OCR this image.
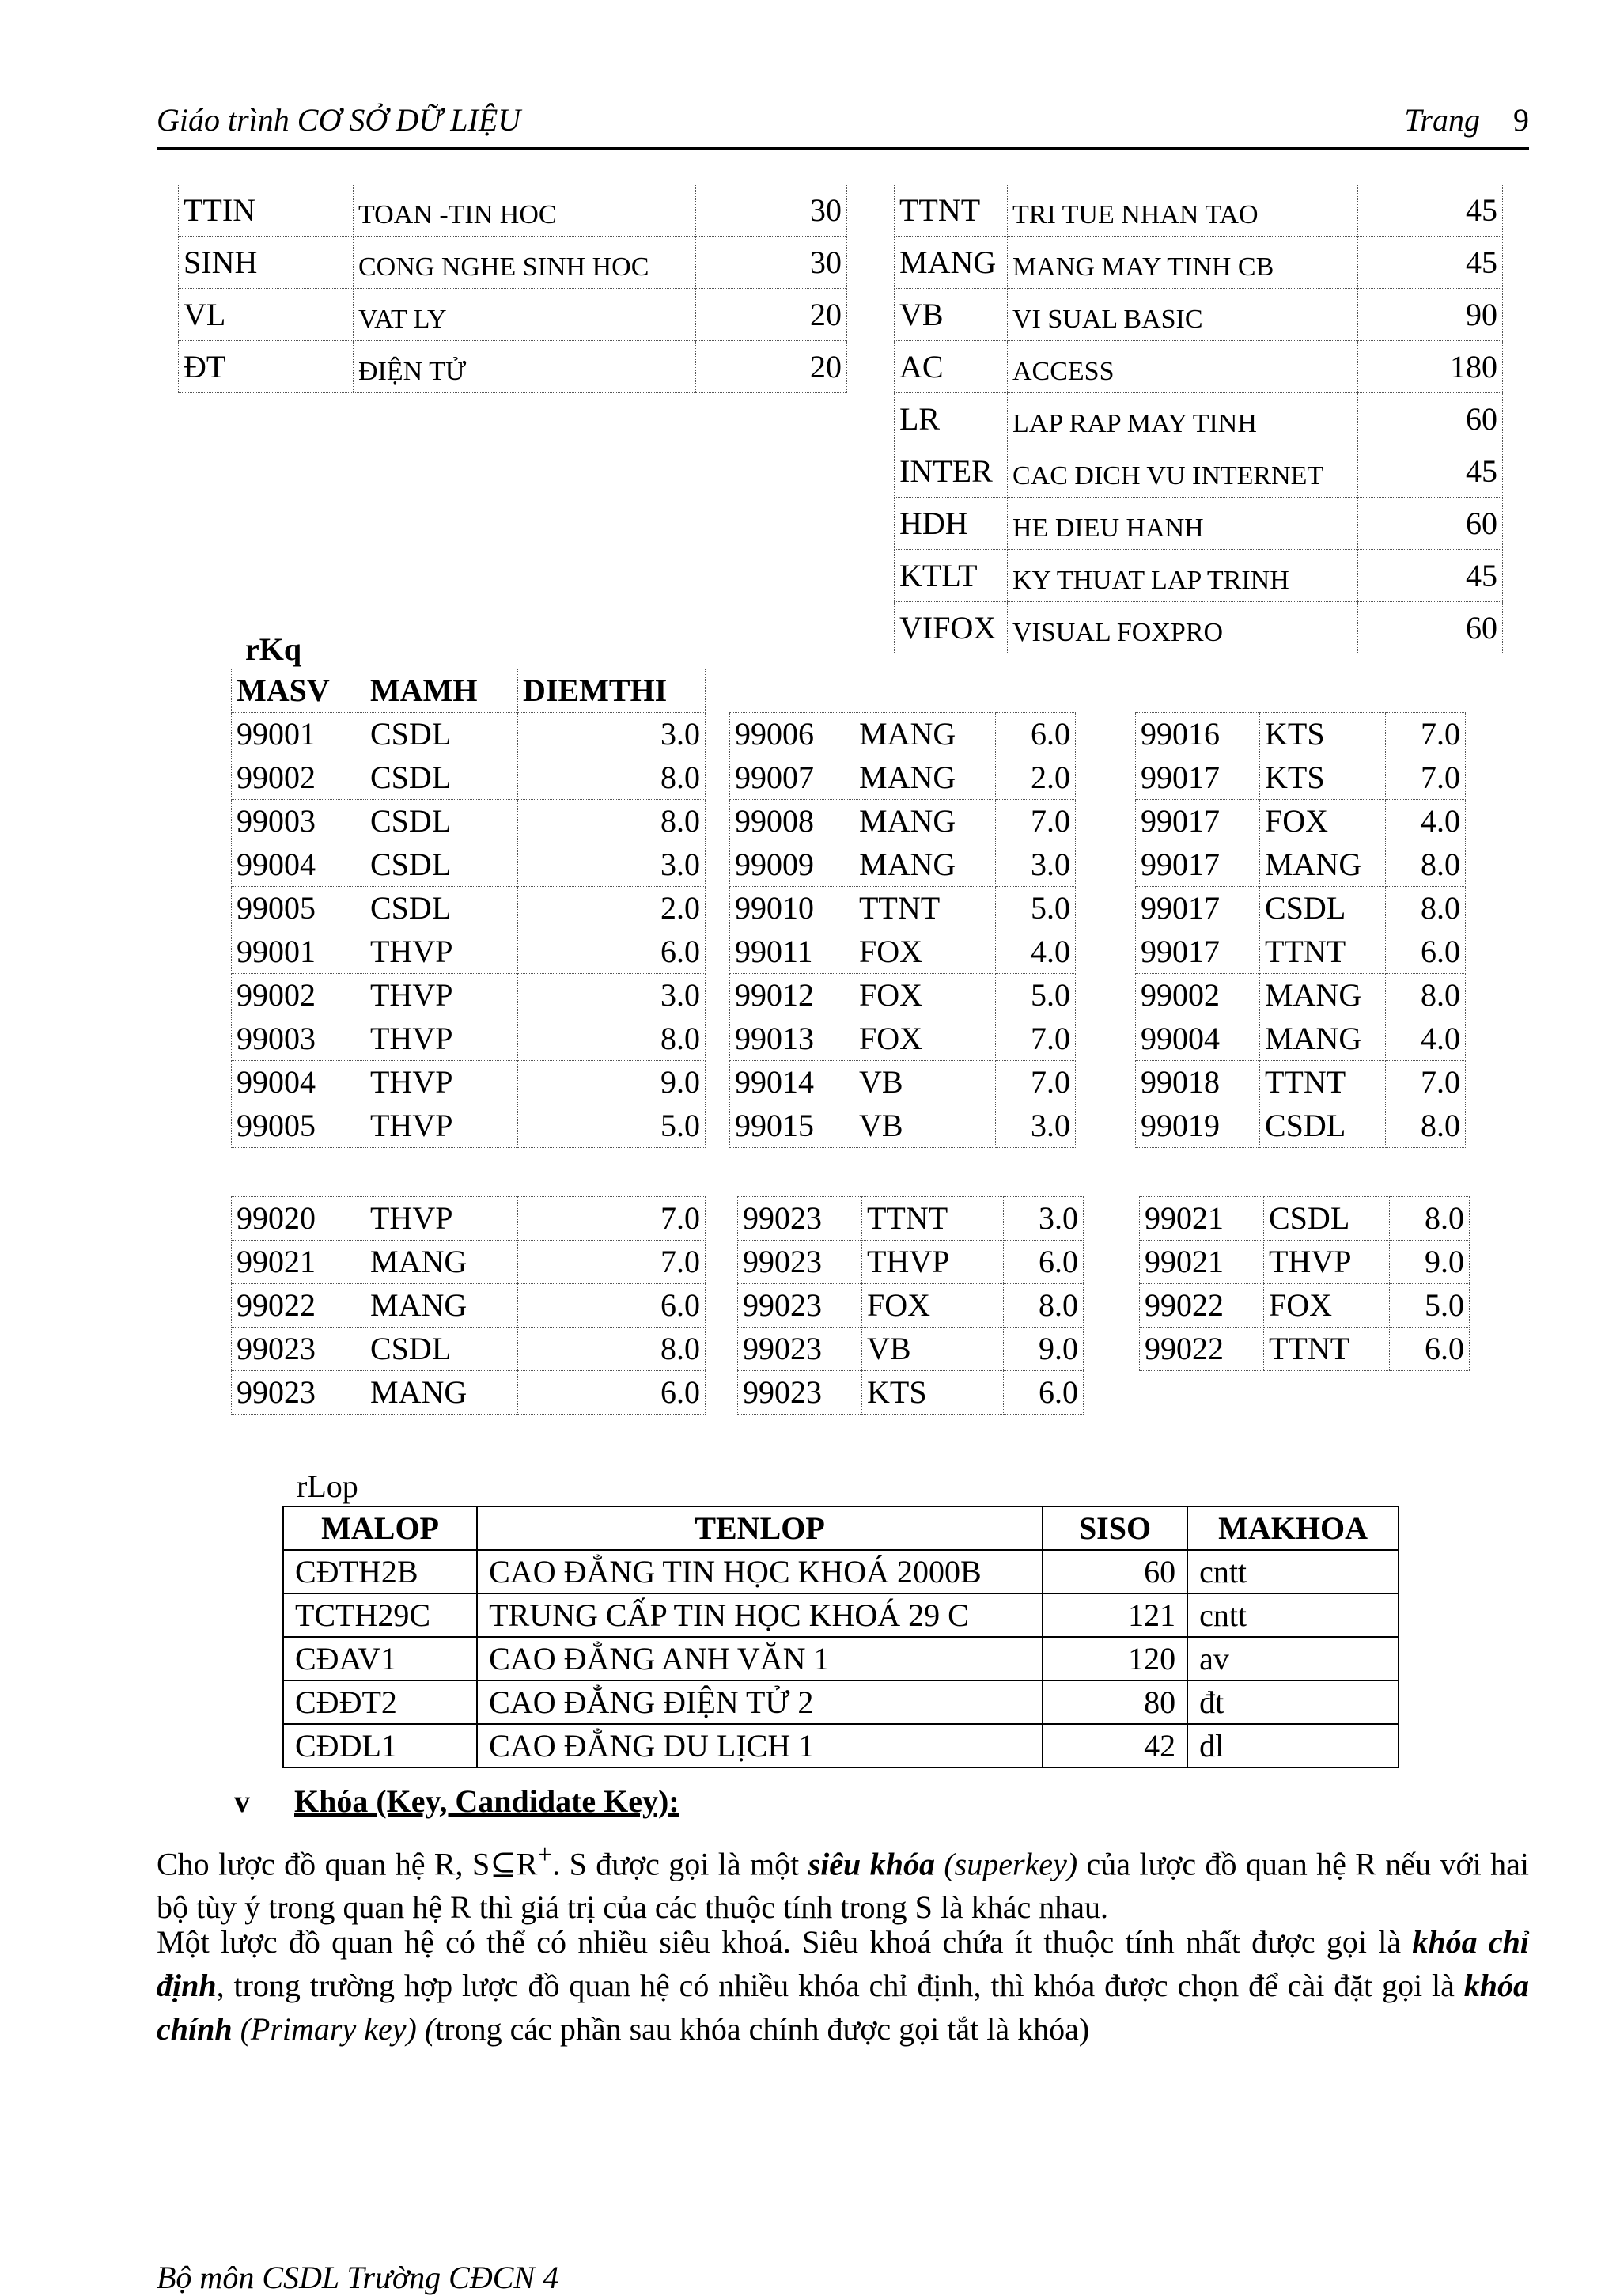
Giáo trình CƠ SỞ DỮ LIỆU	Trang 9
TTIN	TOAN -TIN HOC	30
SINH	CONG NGHE SINH HOC	30
VL	VAT LY	20
ĐT	ĐIỆN TỬ	20
TTNT	TRI TUE NHAN TAO	45
MANG	MANG MAY TINH CB	45
VB	VI SUAL BASIC	90
AC	ACCESS	180
LR	LAP RAP MAY TINH	60
INTER	CAC DICH VU INTERNET	45
HDH	HE DIEU HANH	60
KTLT	KY THUAT LAP TRINH	45
VIFOX	VISUAL FOXPRO	60
rKq
MASV	MAMH	DIEMTHI
99001	CSDL	3.0
99002	CSDL	8.0
99003	CSDL	8.0
99004	CSDL	3.0
99005	CSDL	2.0
99001	THVP	6.0
99002	THVP	3.0
99003	THVP	8.0
99004	THVP	9.0
99005	THVP	5.0
99006	MANG	6.0
99007	MANG	2.0
99008	MANG	7.0
99009	MANG	3.0
99010	TTNT	5.0
99011	FOX	4.0
99012	FOX	5.0
99013	FOX	7.0
99014	VB	7.0
99015	VB	3.0
99016	KTS	7.0
99017	KTS	7.0
99017	FOX	4.0
99017	MANG	8.0
99017	CSDL	8.0
99017	TTNT	6.0
99002	MANG	8.0
99004	MANG	4.0
99018	TTNT	7.0
99019	CSDL	8.0
99020	THVP	7.0
99021	MANG	7.0
99022	MANG	6.0
99023	CSDL	8.0
99023	MANG	6.0
99023	TTNT	3.0
99023	THVP	6.0
99023	FOX	8.0
99023	VB	9.0
99023	KTS	6.0
99021	CSDL	8.0
99021	THVP	9.0
99022	FOX	5.0
99022	TTNT	6.0
rLop
MALOP	TENLOP	SISO	MAKHOA
CĐTH2B	CAO ĐẲNG TIN HỌC KHOÁ 2000B	60	cntt
TCTH29C	TRUNG CẤP TIN HỌC KHOÁ 29 C	121	cntt
CĐAV1	CAO ĐẲNG ANH VĂN 1	120	av
CĐĐT2	CAO ĐẲNG ĐIỆN TỬ 2	80	đt
CĐDL1	CAO ĐẲNG DU LỊCH 1	42	dl
v Khóa (Key, Candidate Key):
Cho lược đồ quan hệ R, S⊆R+. S được gọi là một siêu khóa (superkey) của lược đồ quan hệ R nếu với hai bộ tùy ý trong quan hệ R thì giá trị của các thuộc tính trong S là khác nhau.
Một lược đồ quan hệ có thể có nhiều siêu khoá. Siêu khoá chứa ít thuộc tính nhất được gọi là khóa chỉ định, trong trường hợp lược đồ quan hệ có nhiều khóa chỉ định, thì khóa được chọn để cài đặt gọi là khóa chính (Primary key) (trong các phần sau khóa chính được gọi tắt là khóa)
Bộ môn CSDL Trường CĐCN 4
